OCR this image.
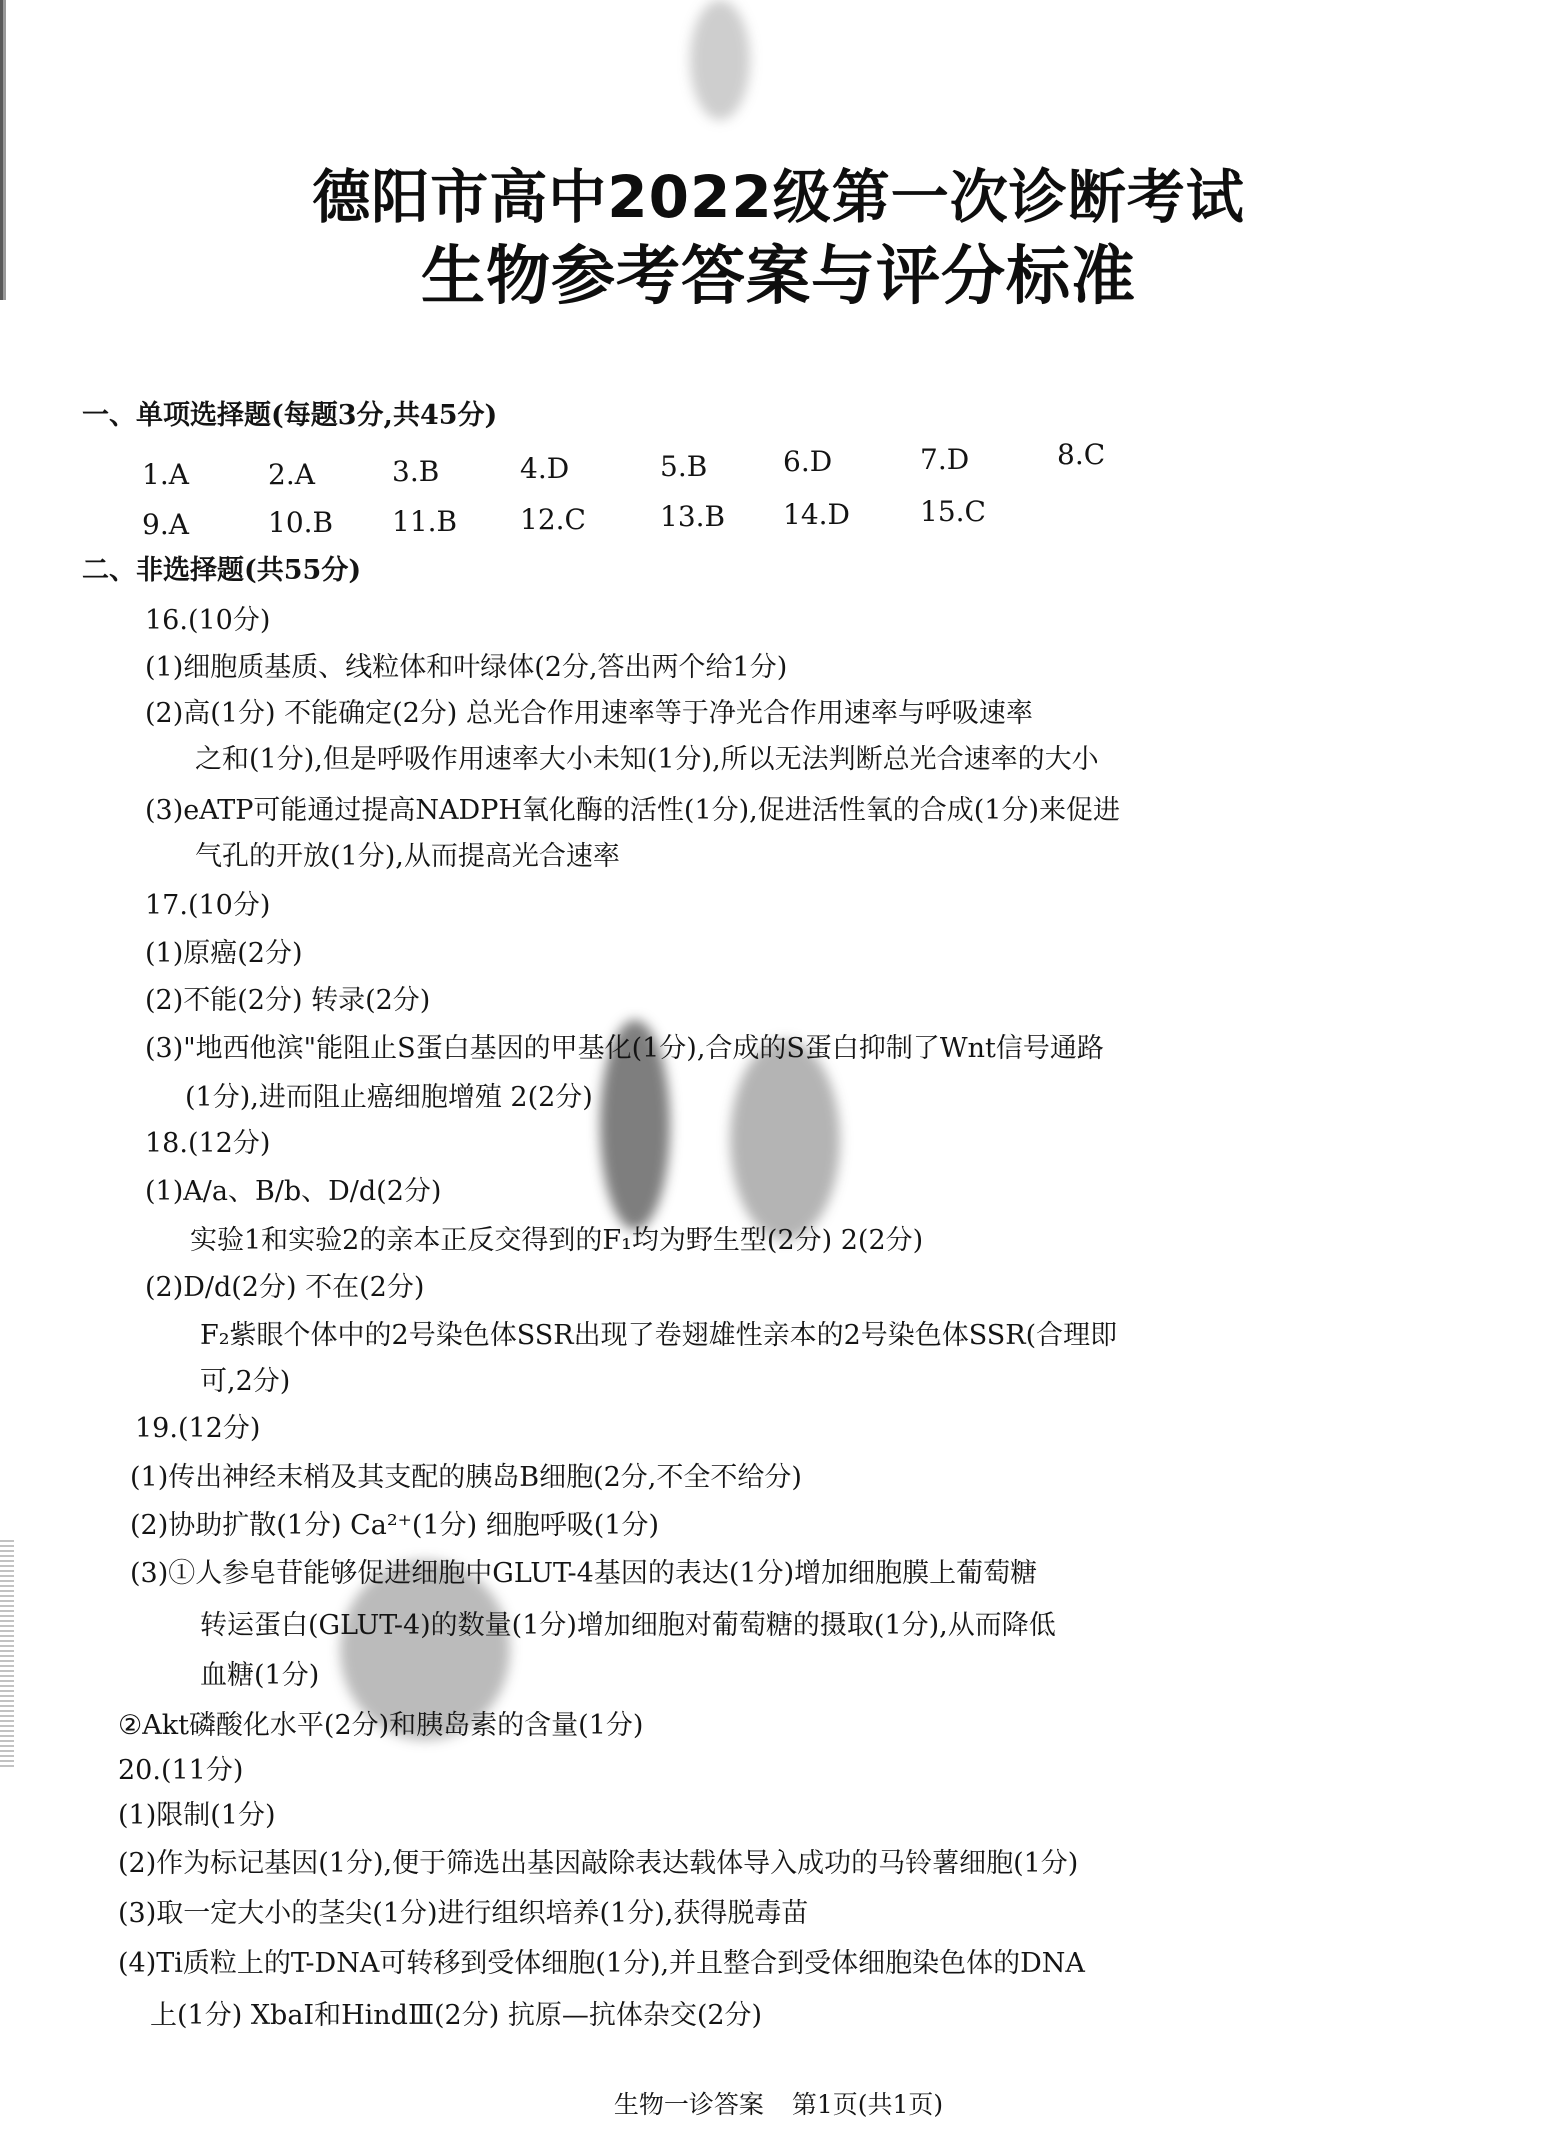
德阳市高中2022级第一次诊断考试
生物参考答案与评分标准
一、单项选择题(每题3分,共45分)
1.A	2.A	3.B	4.D	5.B	6.D	7.D	8.C
9.A	10.B 11.B 12.C	13.B 14.D	15.C
二、非选择题(共55分)
16.(10分)
(1)细胞质基质、线粒体和叶绿体(2分,答出两个给1分)
(2)高(1分) 不能确定(2分) 总光合作用速率等于净光合作用速率与呼吸速率
之和(1分),但是呼吸作用速率大小未知(1分),所以无法判断总光合速率的大小
(3)eATP可能通过提高NADPH氧化酶的活性(1分),促进活性氧的合成(1分)来促进
气孔的开放(1分),从而提高光合速率
17.(10分)
(1)原癌(2分)
(2)不能(2分) 转录(2分)
(3)"地西他滨"能阻止S蛋白基因的甲基化(1分),合成的S蛋白抑制了Wnt信号通路
(1分),进而阻止癌细胞增殖 2(2分)
18.(12分)
(1)A/a、B/b、D/d(2分)
实验1和实验2的亲本正反交得到的F₁均为野生型(2分) 2(2分)
(2)D/d(2分) 不在(2分)
F₂紫眼个体中的2号染色体SSR出现了卷翅雄性亲本的2号染色体SSR(合理即
可,2分)
19.(12分)
(1)传出神经末梢及其支配的胰岛B细胞(2分,不全不给分)
(2)协助扩散(1分) Ca²⁺(1分) 细胞呼吸(1分)
(3)①人参皂苷能够促进细胞中GLUT-4基因的表达(1分)增加细胞膜上葡萄糖
转运蛋白(GLUT-4)的数量(1分)增加细胞对葡萄糖的摄取(1分),从而降低
血糖(1分)
②Akt磷酸化水平(2分)和胰岛素的含量(1分)
20.(11分)
(1)限制(1分)
(2)作为标记基因(1分),便于筛选出基因敲除表达载体导入成功的马铃薯细胞(1分)
(3)取一定大小的茎尖(1分)进行组织培养(1分),获得脱毒苗
(4)Ti质粒上的T-DNA可转移到受体细胞(1分),并且整合到受体细胞染色体的DNA
上(1分) XbaⅠ和HindⅢ(2分) 抗原—抗体杂交(2分)
生物一诊答案 第1页(共1页)
